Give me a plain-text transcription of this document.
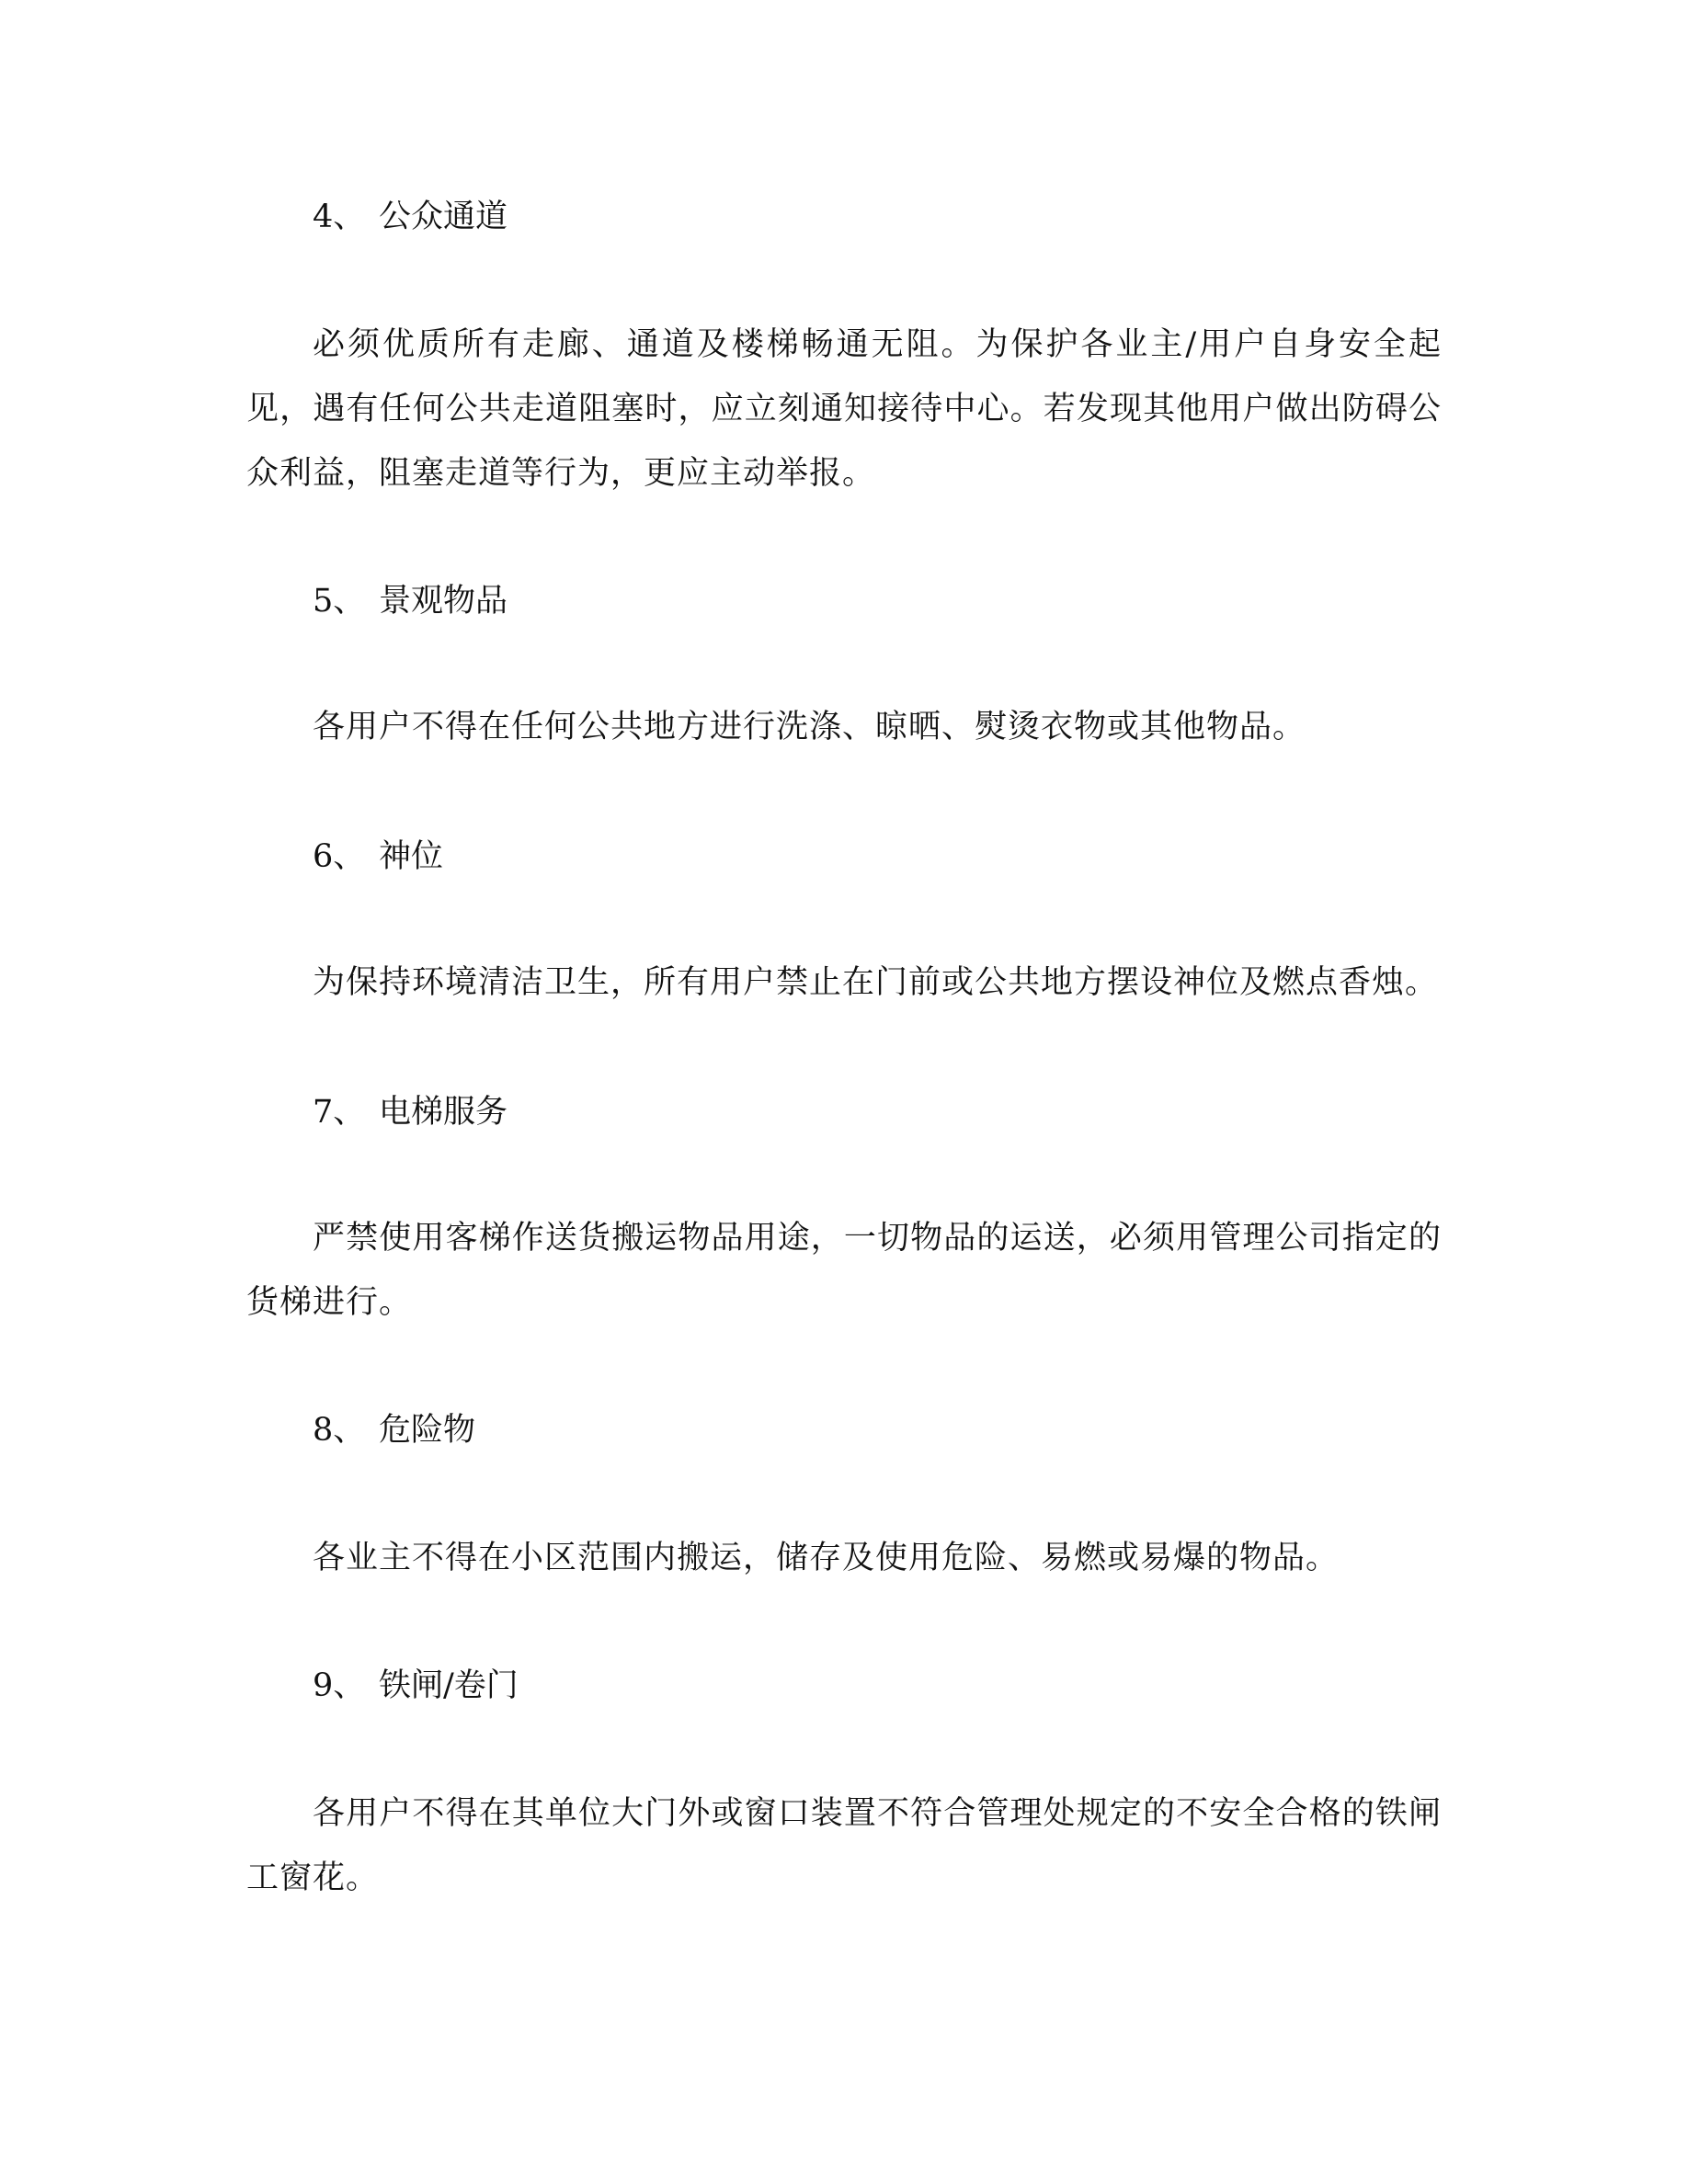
4、 公众通道
必须优质所有走廊、通道及楼梯畅通无阻。为保护各业主/用户自身安全起见，遇有任何公共走道阻塞时，应立刻通知接待中心。若发现其他用户做出防碍公众利益，阻塞走道等行为，更应主动举报。
5、 景观物品
各用户不得在任何公共地方进行洗涤、晾晒、熨烫衣物或其他物品。
6、 神位
为保持环境清洁卫生，所有用户禁止在门前或公共地方摆设神位及燃点香烛。
7、 电梯服务
严禁使用客梯作送货搬运物品用途，一切物品的运送，必须用管理公司指定的货梯进行。
8、 危险物
各业主不得在小区范围内搬运，储存及使用危险、易燃或易爆的物品。
9、 铁闸/卷门
各用户不得在其单位大门外或窗口装置不符合管理处规定的不安全合格的铁闸工窗花。
